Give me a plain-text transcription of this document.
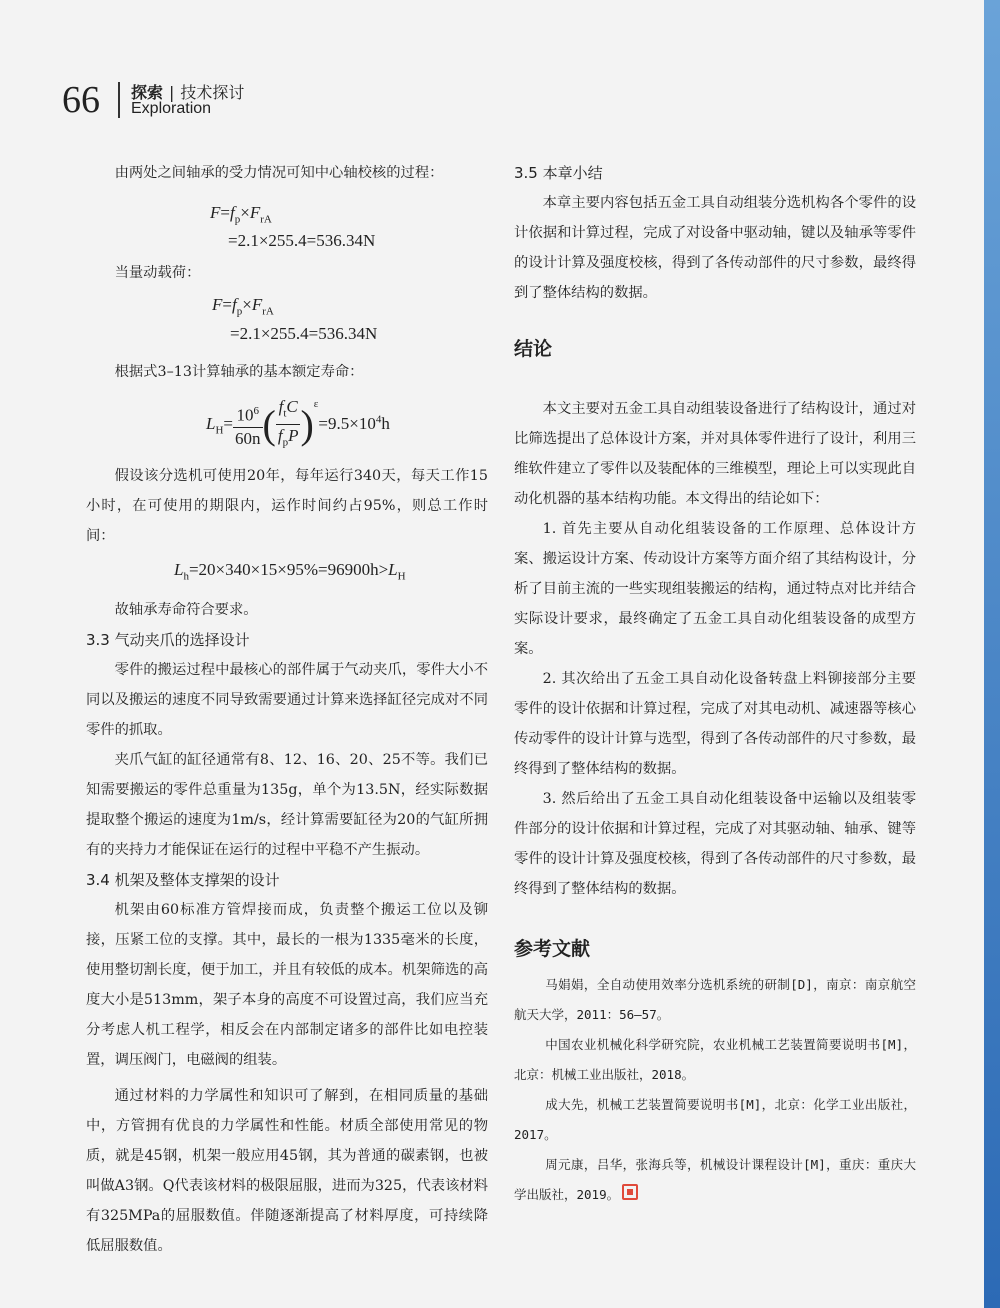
66 探索 | 技术探讨
Exploration

由两处之间轴承的受力情况可知中心轴校核的过程：

$F=f_p\times F_{rA}$
=2.1×255.4=536.34N

当量动载荷：

$F=f_p\times F_{rA}$
=2.1×255.4=536.34N

根据式3–13计算轴承的基本额定寿命：

$L_H= \frac{10^6}{60n}$ ( $\frac{f_tC}{f_pP} )^\varepsilon=9.5\times 10^4h$

假设该分选机可使用20年，每年运行340天，每天工作15小时，在可使用的期限内，运作时间约占95%，则总工作时间：

$L_h=20\times 340\times 15\times 95\%=96900h>L_H$

故轴承寿命符合要求。

3.3 气动夹爪的选择设计

零件的搬运过程中最核心的部件属于气动夹爪，零件大小不同以及搬运的速度不同导致需要通过计算来选择缸径完成对不同零件的抓取。

夹爪气缸的缸径通常有8、12、16、20、25不等。我们已知需要搬运的零件总重量为135g，单个为13.5N，经实际数据提取整个搬运的速度为1m/s，经计算需要缸径为20的气缸所拥有的夹持力才能保证在运行的过程中平稳不产生振动。

3.4 机架及整体支撑架的设计

机架由60标准方管焊接而成，负责整个搬运工位以及铆接，压紧工位的支撑。其中，最长的一根为1335毫米的长度，使用整切割长度，便于加工，并且有较低的成本。机架筛选的高度大小是513mm，架子本身的高度不可设置过高，我们应当充分考虑人机工程学，相反会在内部制定诸多的部件比如电控装置，调压阀门，电磁阀的组装。

通过材料的力学属性和知识可了解到，在相同质量的基础中，方管拥有优良的力学属性和性能。材质全部使用常见的物质，就是45钢，机架一般应用45钢，其为普通的碳素钢，也被叫做A3钢。Q代表该材料的极限屈服，进而为325，代表该材料有325MPa的屈服数值。伴随逐渐提高了材料厚度，可持续降低屈服数值。

3.5 本章小结

本章主要内容包括五金工具自动组装分选机构各个零件的设计依据和计算过程，完成了对设备中驱动轴，键以及轴承等零件的设计计算及强度校核，得到了各传动部件的尺寸参数，最终得到了整体结构的数据。

结论

本文主要对五金工具自动组装设备进行了结构设计，通过对比筛选提出了总体设计方案，并对具体零件进行了设计，利用三维软件建立了零件以及装配体的三维模型，理论上可以实现此自动化机器的基本结构功能。本文得出的结论如下：

1. 首先主要从自动化组装设备的工作原理、总体设计方案、搬运设计方案、传动设计方案等方面介绍了其结构设计，分析了目前主流的一些实现组装搬运的结构，通过特点对比并结合实际设计要求，最终确定了五金工具自动化组装设备的成型方案。

2. 其次给出了五金工具自动化设备转盘上料铆接部分主要零件的设计依据和计算过程，完成了对其电动机、减速器等核心传动零件的设计计算与选型，得到了各传动部件的尺寸参数，最终得到了整体结构的数据。

3. 然后给出了五金工具自动化组装设备中运输以及组装零件部分的设计依据和计算过程，完成了对其驱动轴、轴承、键等零件的设计计算及强度校核，得到了各传动部件的尺寸参数，最终得到了整体结构的数据。

参考文献

马娟娟，全自动使用效率分选机系统的研制[D]，南京：南京航空航天大学，2011：56–57。

中国农业机械化科学研究院，农业机械工艺装置简要说明书[M]，北京：机械工业出版社，2018。

成大先，机械工艺装置简要说明书[M]，北京：化学工业出版社，2017。

周元康，吕华，张海兵等，机械设计课程设计[M]，重庆：重庆大学出版社，2019。
